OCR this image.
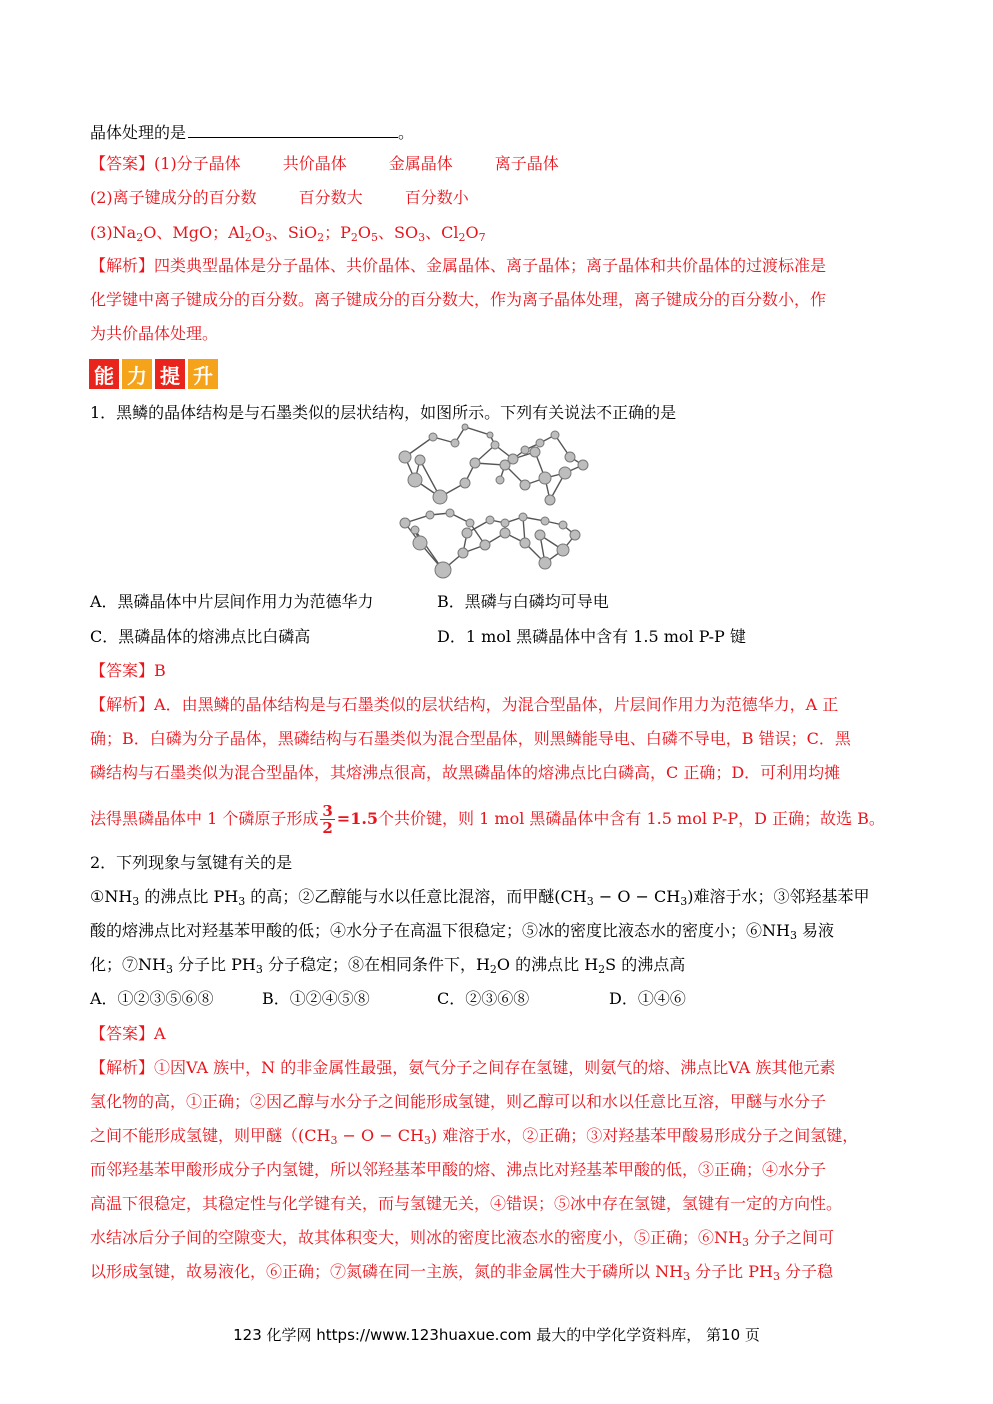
晶体处理的是	。
【答案】(1)分子晶体	共价晶体	金属晶体	离子晶体
(2)离子键成分的百分数	百分数大	百分数小
$(3)Na_2O$、MgO；$Al_2O_3$、SiO$_2$；$P_2O_5$、$SO_3$、$Cl_2O_7$
【解析】四类典型晶体是分子晶体、共价晶体、金属晶体、离子晶体；离子晶体和共价晶体的过渡标准是
化学键中离子键成分的百分数。离子键成分的百分数大，作为离子晶体处理，离子键成分的百分数小，作
为共价晶体处理。
能 力 提 升
1．黑鳞的晶体结构是与石墨类似的层状结构，如图所示。下列有关说法不正确的是
A．黑磷晶体中片层间作用力为范德华力	B．黑磷与白磷均可导电
C．黑磷晶体的熔沸点比白磷高	D．1 mol 黑磷晶体中含有 1.5 mol P-P 键
【答案】B
【解析】A．由黑鳞的晶体结构是与石墨类似的层状结构，为混合型晶体，片层间作用力为范德华力，A 正
确；B．白磷为分子晶体，黑磷结构与石墨类似为混合型晶体，则黑鳞能导电、白磷不导电，B 错误；C．黑
磷结构与石墨类似为混合型晶体，其熔沸点很高，故黑磷晶体的熔沸点比白磷高，C 正确；D．可利用均摊
法得黑磷晶体中 1 个磷原子形成 $\frac{3}{2} =1.5$ 个共价键，则 1 mol 黑磷晶体中含有 1.5 mol P-P，D 正确；故选 B。
2．下列现象与氢键有关的是
$①NH_3$ 的沸点比 $PH_3$ 的高；②乙醇能与水以任意比混溶，而甲醚$(CH_3 - O - CH_3)$难溶于水；③邻羟基苯甲
酸的熔沸点比对羟基苯甲酸的低；④水分子在高温下很稳定；⑤冰的密度比液态水的密度小；$⑥NH_3$ 易液
化；$⑦NH_3$ 分子比 $PH_3$ 分子稳定；⑧在相同条件下，$H_2O$ 的沸点比 $H_2S$ 的沸点高
A．①②③⑤⑥⑧	B．①②④⑤⑧	C．②③⑥⑧	D．①④⑥
【答案】A
【解析】①因VA 族中，N 的非金属性最强，氨气分子之间存在氢键，则氨气的熔、沸点比VA 族其他元素
氢化物的高，①正确；②因乙醇与水分子之间能形成氢键，则乙醇可以和水以任意比互溶，甲醚与水分子
之间不能形成氢键，则甲醚（$(CH_3 - O - CH_3)$ 难溶于水，②正确；③对羟基苯甲酸易形成分子之间氢键，
而邻羟基苯甲酸形成分子内氢键，所以邻羟基苯甲酸的熔、沸点比对羟基苯甲酸的低，③正确；④水分子
高温下很稳定，其稳定性与化学键有关，而与氢键无关，④错误；⑤冰中存在氢键，氢键有一定的方向性。
水结冰后分子间的空隙变大，故其体积变大，则冰的密度比液态水的密度小，⑤正确；$⑥NH_3$ 分子之间可
以形成氢键，故易液化，⑥正确；⑦氮磷在同一主族，氮的非金属性大于磷所以 $NH_3$ 分子比 $PH_3$ 分子稳
123 化学网 https://www.123huaxue.com 最大的中学化学资料库， 第10 页
